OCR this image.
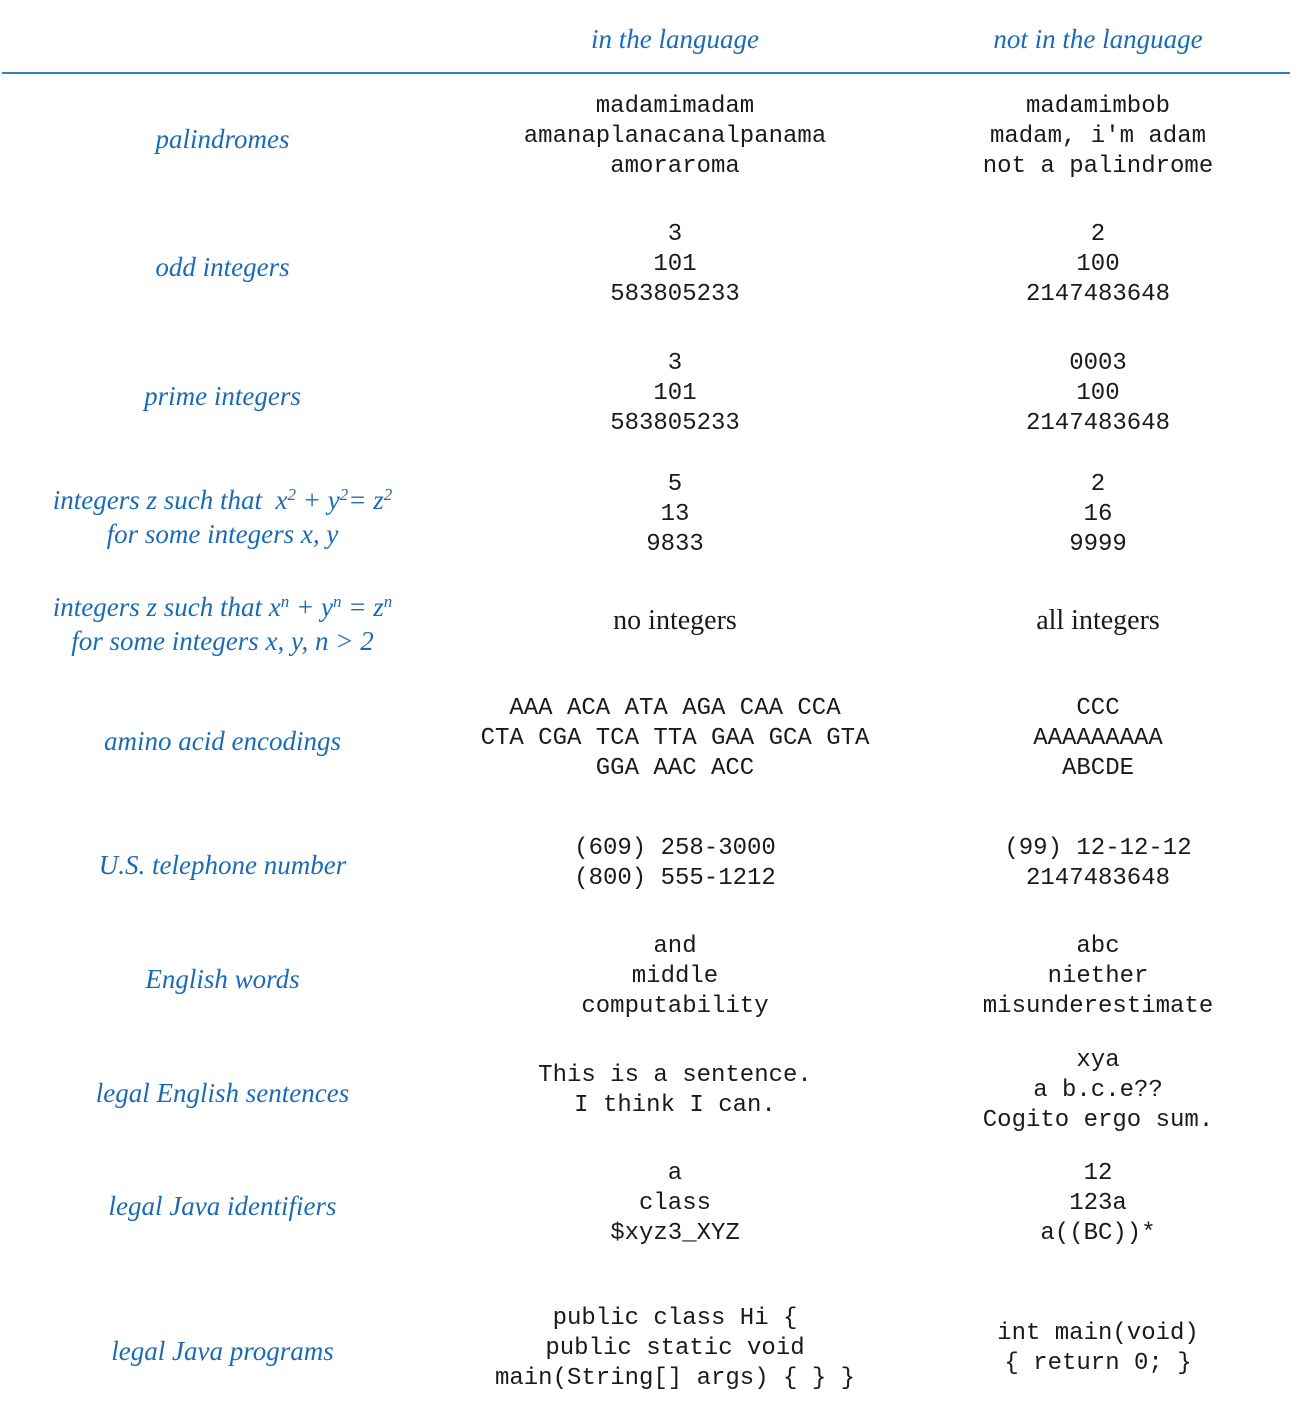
in the language	not in the language
palindromes
madamimadam
amanaplanacanalpanama
amoraroma
madamimbob
madam, i'm adam
not a palindrome
odd integers
3
101
583805233
2
100
2147483648
prime integers
3
101
583805233
0003
100
2147483648
integers z such that  $x^2 + y^2= z^2$
for some integers x, y
5
13
9833
2
16
9999
integers z such that $x^n + y^n = z^n$
for some integers x, y, n > 2
no integers	all integers
amino acid encodings
AAA ACA ATA AGA CAA CCA
CTA CGA TCA TTA GAA GCA GTA
GGA AAC ACC
CCC
AAAAAAAAA
ABCDE
U.S. telephone number
(609) 258-3000
(800) 555-1212
(99) 12-12-12
2147483648
English words
and
middle
computability
abc
niether
misunderestimate
legal English sentences
This is a sentence.
I think I can.
xya
a b.c.e??
Cogito ergo sum.
legal Java identifiers
a
class
$xyz3_XYZ
12
123a
a((BC))*
legal Java programs
public class Hi {
public static void
main(String[] args) { } }
int main(void)
{ return 0; }
